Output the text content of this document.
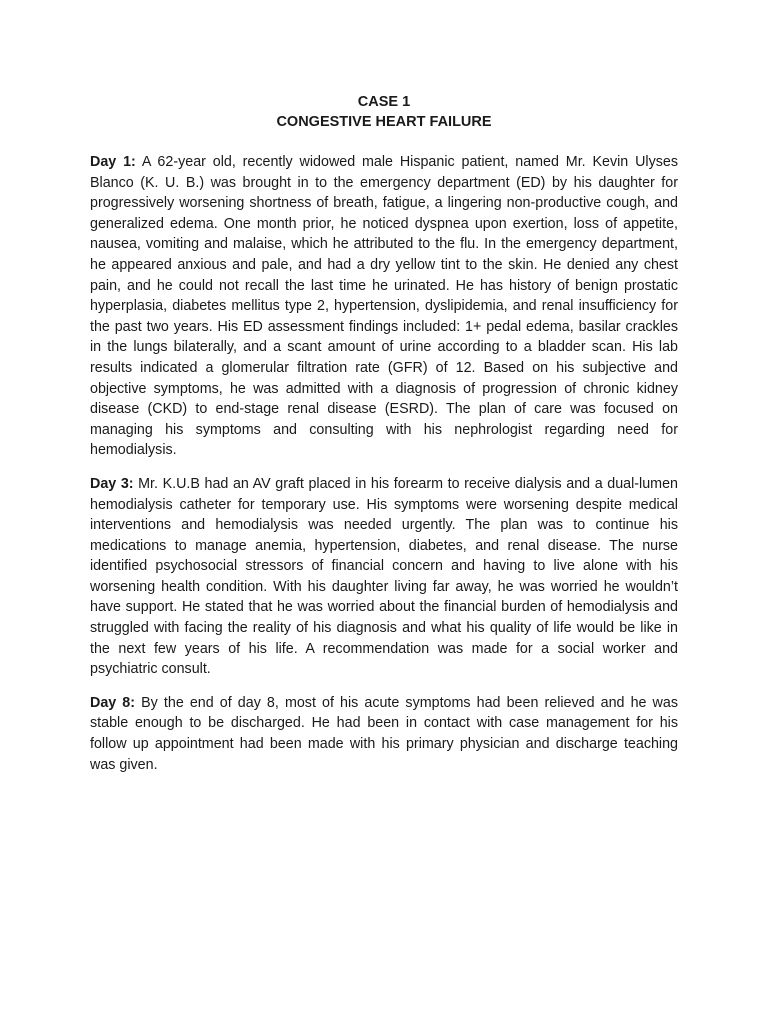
CASE 1
CONGESTIVE HEART FAILURE

Day 1: A 62-year old, recently widowed male Hispanic patient, named Mr. Kevin Ulyses Blanco (K. U. B.) was brought in to the emergency department (ED) by his daughter for progressively worsening shortness of breath, fatigue, a lingering non-productive cough, and generalized edema. One month prior, he noticed dyspnea upon exertion, loss of appetite, nausea, vomiting and malaise, which he attributed to the flu. In the emergency department, he appeared anxious and pale, and had a dry yellow tint to the skin. He denied any chest pain, and he could not recall the last time he urinated. He has history of benign prostatic hyperplasia, diabetes mellitus type 2, hypertension, dyslipidemia, and renal insufficiency for the past two years. His ED assessment findings included: 1+ pedal edema, basilar crackles in the lungs bilaterally, and a scant amount of urine according to a bladder scan. His lab results indicated a glomerular filtration rate (GFR) of 12. Based on his subjective and objective symptoms, he was admitted with a diagnosis of progression of chronic kidney disease (CKD) to end-stage renal disease (ESRD). The plan of care was focused on managing his symptoms and consulting with his nephrologist regarding need for hemodialysis.

Day 3: Mr. K.U.B had an AV graft placed in his forearm to receive dialysis and a dual-lumen hemodialysis catheter for temporary use. His symptoms were worsening despite medical interventions and hemodialysis was needed urgently. The plan was to continue his medications to manage anemia, hypertension, diabetes, and renal disease. The nurse identified psychosocial stressors of financial concern and having to live alone with his worsening health condition. With his daughter living far away, he was worried he wouldn’t have support. He stated that he was worried about the financial burden of hemodialysis and struggled with facing the reality of his diagnosis and what his quality of life would be like in the next few years of his life. A recommendation was made for a social worker and psychiatric consult.

Day 8: By the end of day 8, most of his acute symptoms had been relieved and he was stable enough to be discharged. He had been in contact with case management for his follow up appointment had been made with his primary physician and discharge teaching was given.
